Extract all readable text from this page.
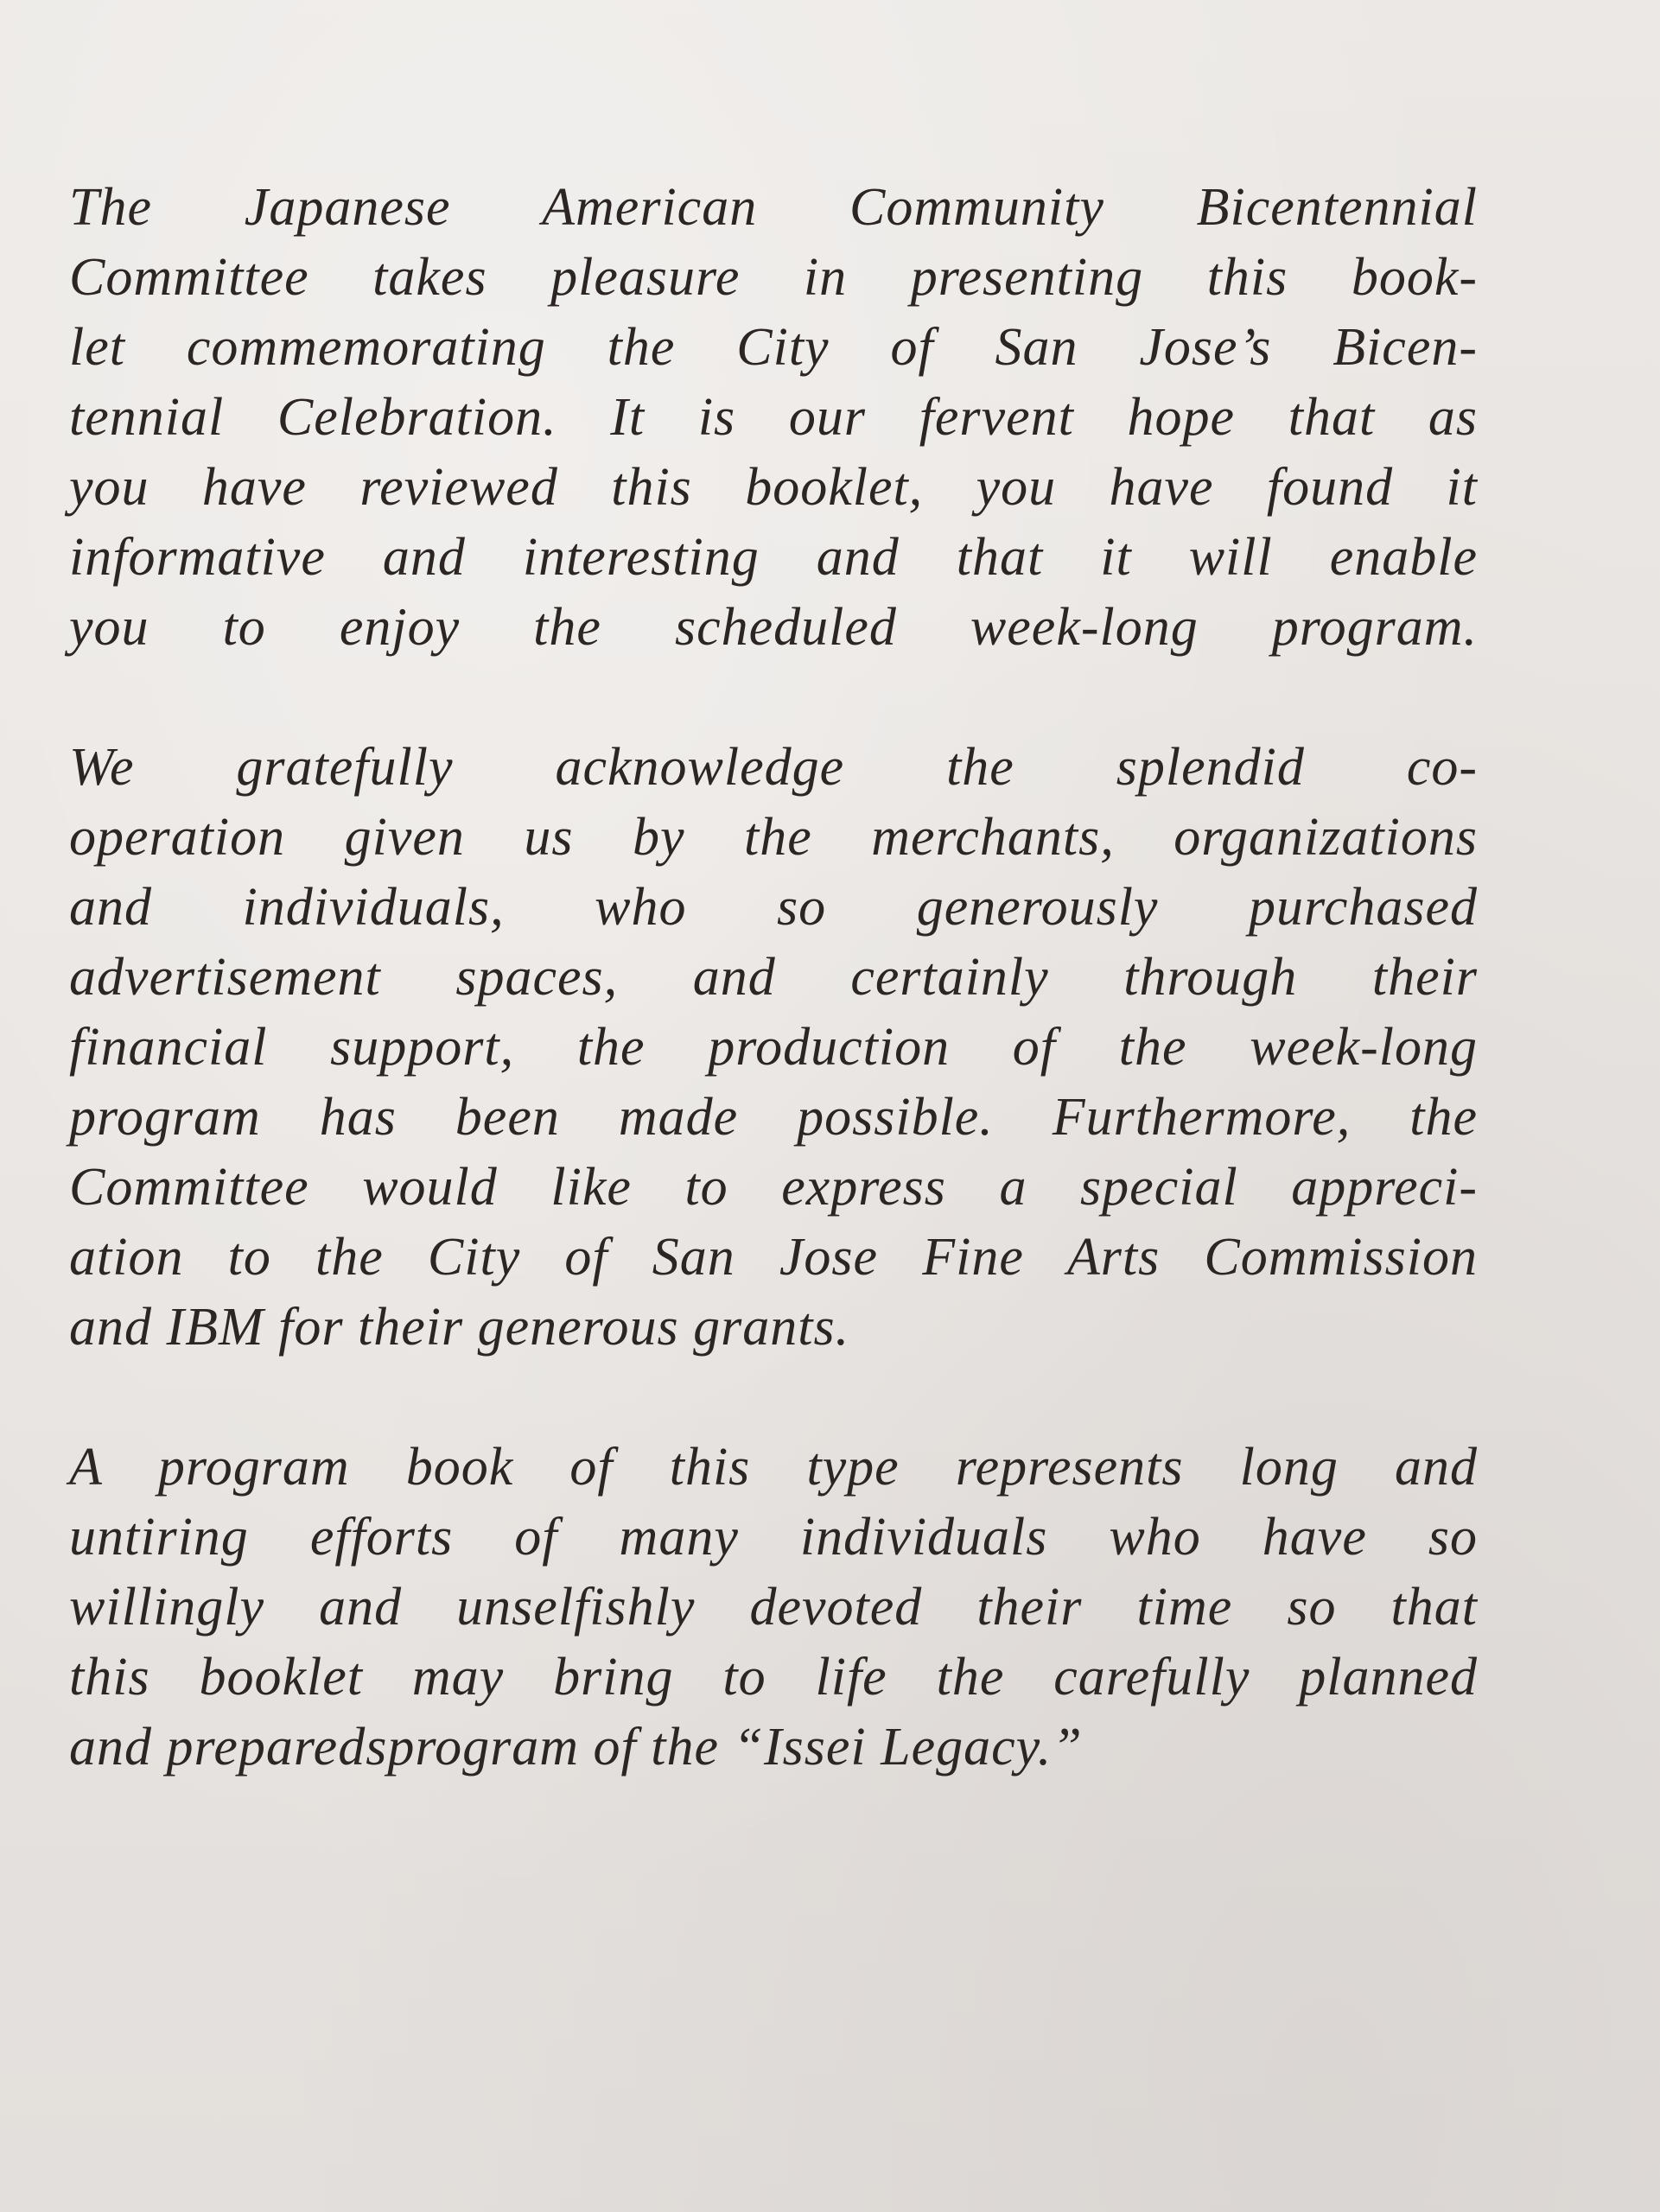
The Japanese American Community Bicentennial
Committee takes pleasure in presenting this book-
let commemorating the City of San Jose’s Bicen-
tennial Celebration. It is our fervent hope that as
you have reviewed this booklet, you have found it
informative and interesting and that it will enable
you to enjoy the scheduled week-long program.
We gratefully acknowledge the splendid co-
operation given us by the merchants, organizations
and individuals, who so generously purchased
advertisement spaces, and certainly through their
financial support, the production of the week-long
program has been made possible. Furthermore, the
Committee would like to express a special appreci-
ation to the City of San Jose Fine Arts Commission
and IBM for their generous grants.
A program book of this type represents long and
untiring efforts of many individuals who have so
willingly and unselfishly devoted their time so that
this booklet may bring to life the carefully planned
and preparedsprogram of the “Issei Legacy.”
